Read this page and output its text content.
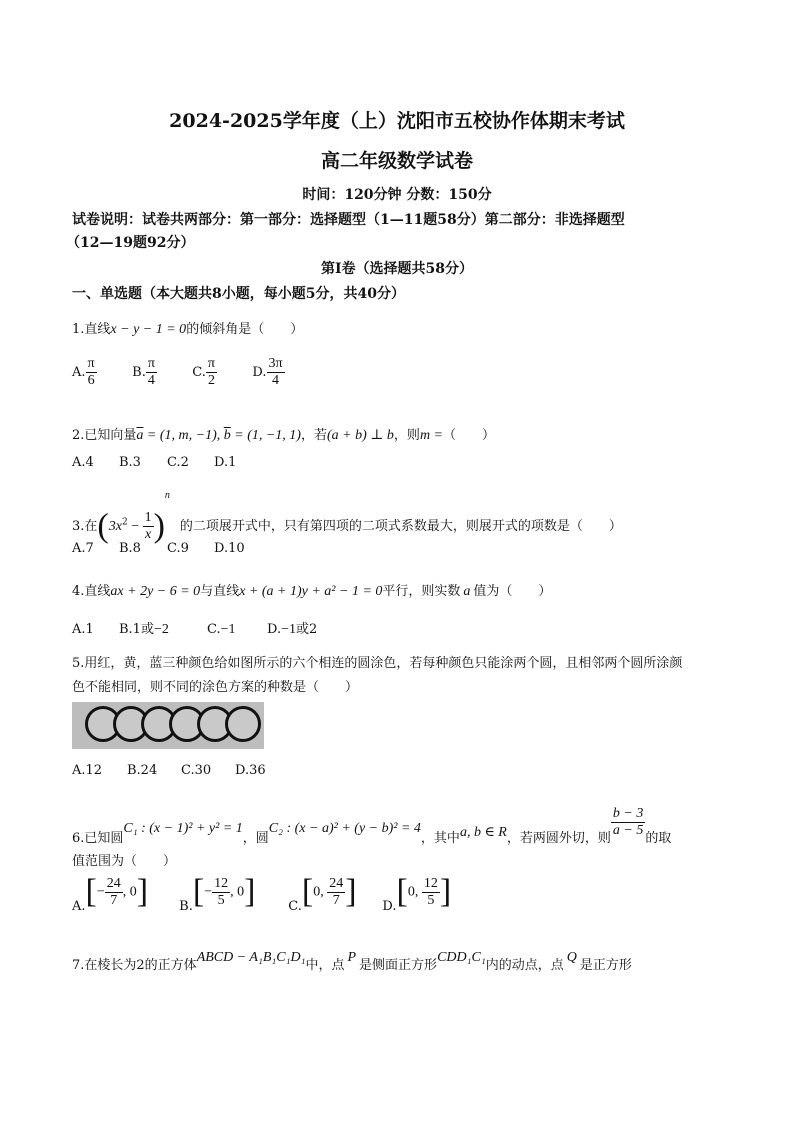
2024-2025学年度（上）沈阳市五校协作体期末考试
高二年级数学试卷
时间：120分钟 分数：150分
试卷说明：试卷共两部分：第一部分：选择题型（1—11题58分）第二部分：非选择题型
（12—19题92分）
第Ⅰ卷（选择题共58分）
一、单选题（本大题共8小题，每小题5分，共40分）
1.直线x − y − 1 = 0的倾斜角是（　　）
A. $\frac{\pi}{6}$	B. $\frac{\pi}{4}$	C. $\frac{\pi}{2}$	D. $\frac{3\pi}{4}$
2.已知向量$\overline{a} = (1$, m, −1), $\overline{b} = (1$, −1, 1)，若(a + b) ⊥ b，则m =（　　）
A.4 B.3 C.2 D.1
3.在$(3x^2 - \frac{1}{x} )^n$的二项展开式中，只有第四项的二项式系数最大，则展开式的项数是（　　）
A.7 B.8 C.9 D.10
4.直线ax + 2y − 6 = 0与直线x + (a + 1)y + a² − 1 = 0平行，则实数 a 值为（　　）
A.1 B.1或−2	C.−1 D.−1或2
5.用红，黄，蓝三种颜色给如图所示的六个相连的圆涂色，若每种颜色只能涂两个圆，且相邻两个圆所涂颜
色不能相同，则不同的涂色方案的种数是（　　）
A.12 B.24 C.30 D.36
6.已知圆C₁ : (x − 1)² + y² = 1，圆C₂ : (x − a)² + (y − b)² = 4，其中a, b ∈ R，若两圆外切，则 $\frac{b - 3}{a - 5}$ 的取
值范围为（　　）
$A.[- \frac{24}{7}$ , 0] $B.[- \frac{12}{5}$ , 0]	C.[0, $\frac{24}{7}$ ] D.[0, $\frac{12}{5}$ ]
7.在棱长为2的正方体ABCD − A₁B₁C₁D₁中，点P是侧面正方形CDD₁C₁内的动点，点Q是正方形
